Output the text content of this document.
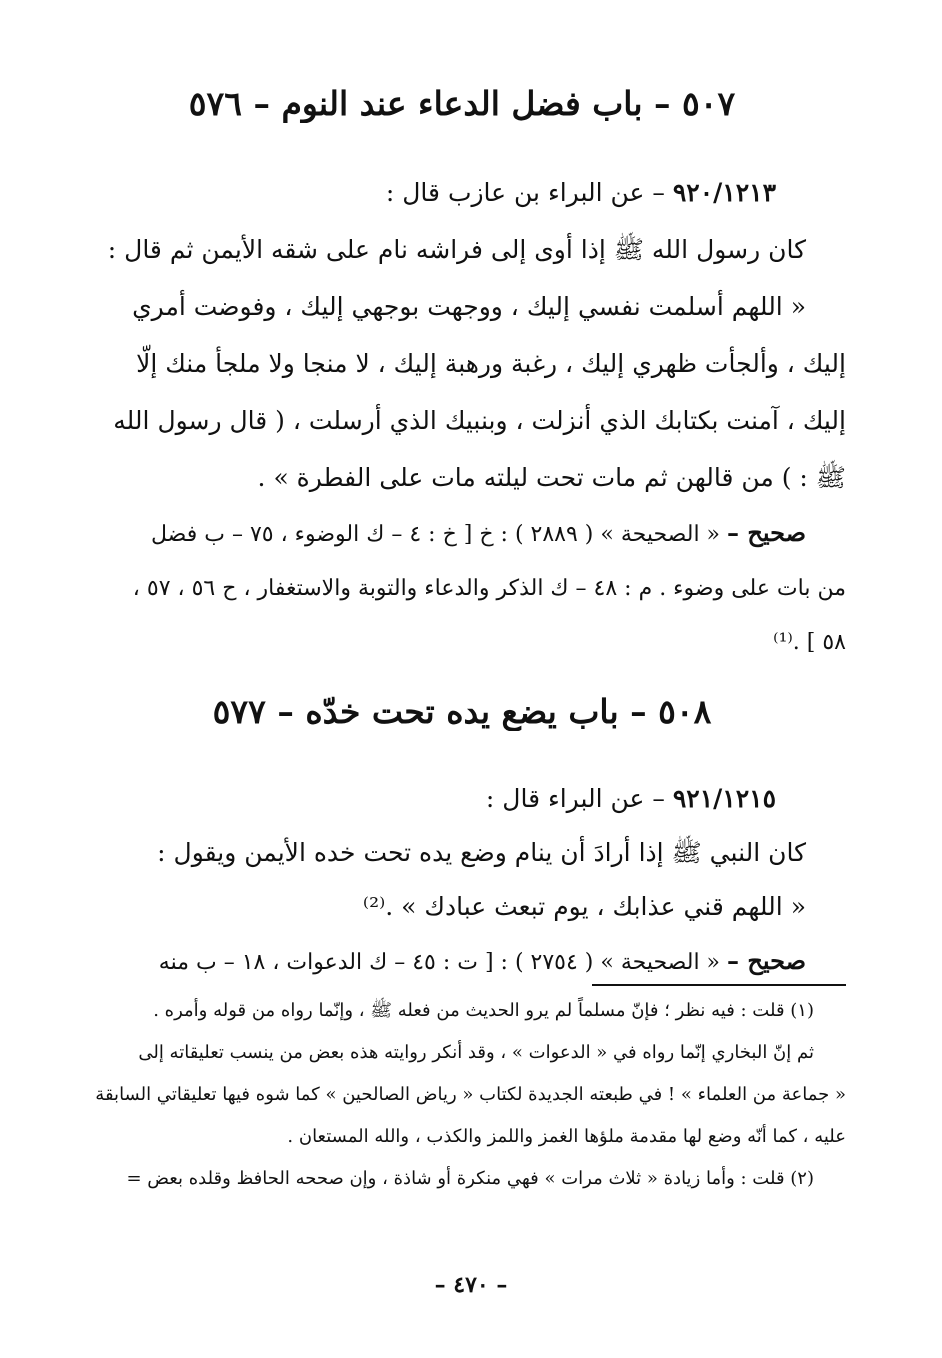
٥٠٧ – باب فضل الدعاء عند النوم – ٥٧٦
٩٢٠/١٢١٣ – عن البراء بن عازب قال :
كان رسول الله ﷺ إذا أوى إلى فراشه نام على شقه الأيمن ثم قال :
« اللهم أسلمت نفسي إليك ، ووجهت بوجهي إليك ، وفوضت أمري
إليك ، وألجأت ظهري إليك ، رغبة ورهبة إليك ، لا منجا ولا ملجأ منك إلّا
إليك ، آمنت بكتابك الذي أنزلت ، وبنبيك الذي أرسلت ، ( قال رسول الله
ﷺ : ) من قالهن ثم مات تحت ليلته مات على الفطرة » .
صحيح – « الصحيحة » ( ٢٨٨٩ ) : خ [ خ : ٤ – ك الوضوء ، ٧٥ – ب فضل
من بات على وضوء . م : ٤٨ – ك الذكر والدعاء والتوبة والاستغفار ، ح ٥٦ ، ٥٧ ،
٥٨ ] .⁽¹⁾
٥٠٨ – باب يضع يده تحت خدّه – ٥٧٧
٩٢١/١٢١٥ – عن البراء قال :
كان النبي ﷺ إذا أرادَ أن ينام وضع يده تحت خده الأيمن ويقول :
« اللهم قني عذابك ، يوم تبعث عبادك » .⁽²⁾
صحيح – « الصحيحة » ( ٢٧٥٤ ) : [ ت : ٤٥ – ك الدعوات ، ١٨ – ب منه
(١) قلت : فيه نظر ؛ فإنّ مسلماً لم يرو الحديث من فعله ﷺ ، وإنّما رواه من قوله وأمره .
ثم إنّ البخاري إنّما رواه في « الدعوات » ، وقد أنكر روايته هذه بعض من ينسب تعليقاته إلى
« جماعة من العلماء » ! في طبعته الجديدة لكتاب « رياض الصالحين » كما شوه فيها تعليقاتي السابقة
عليه ، كما أنّه وضع لها مقدمة ملؤها الغمز واللمز والكذب ، والله المستعان .
(٢) قلت : وأما زيادة « ثلاث مرات » فهي منكرة أو شاذة ، وإن صححه الحافظ وقلده بعض =
– ٤٧٠ –
